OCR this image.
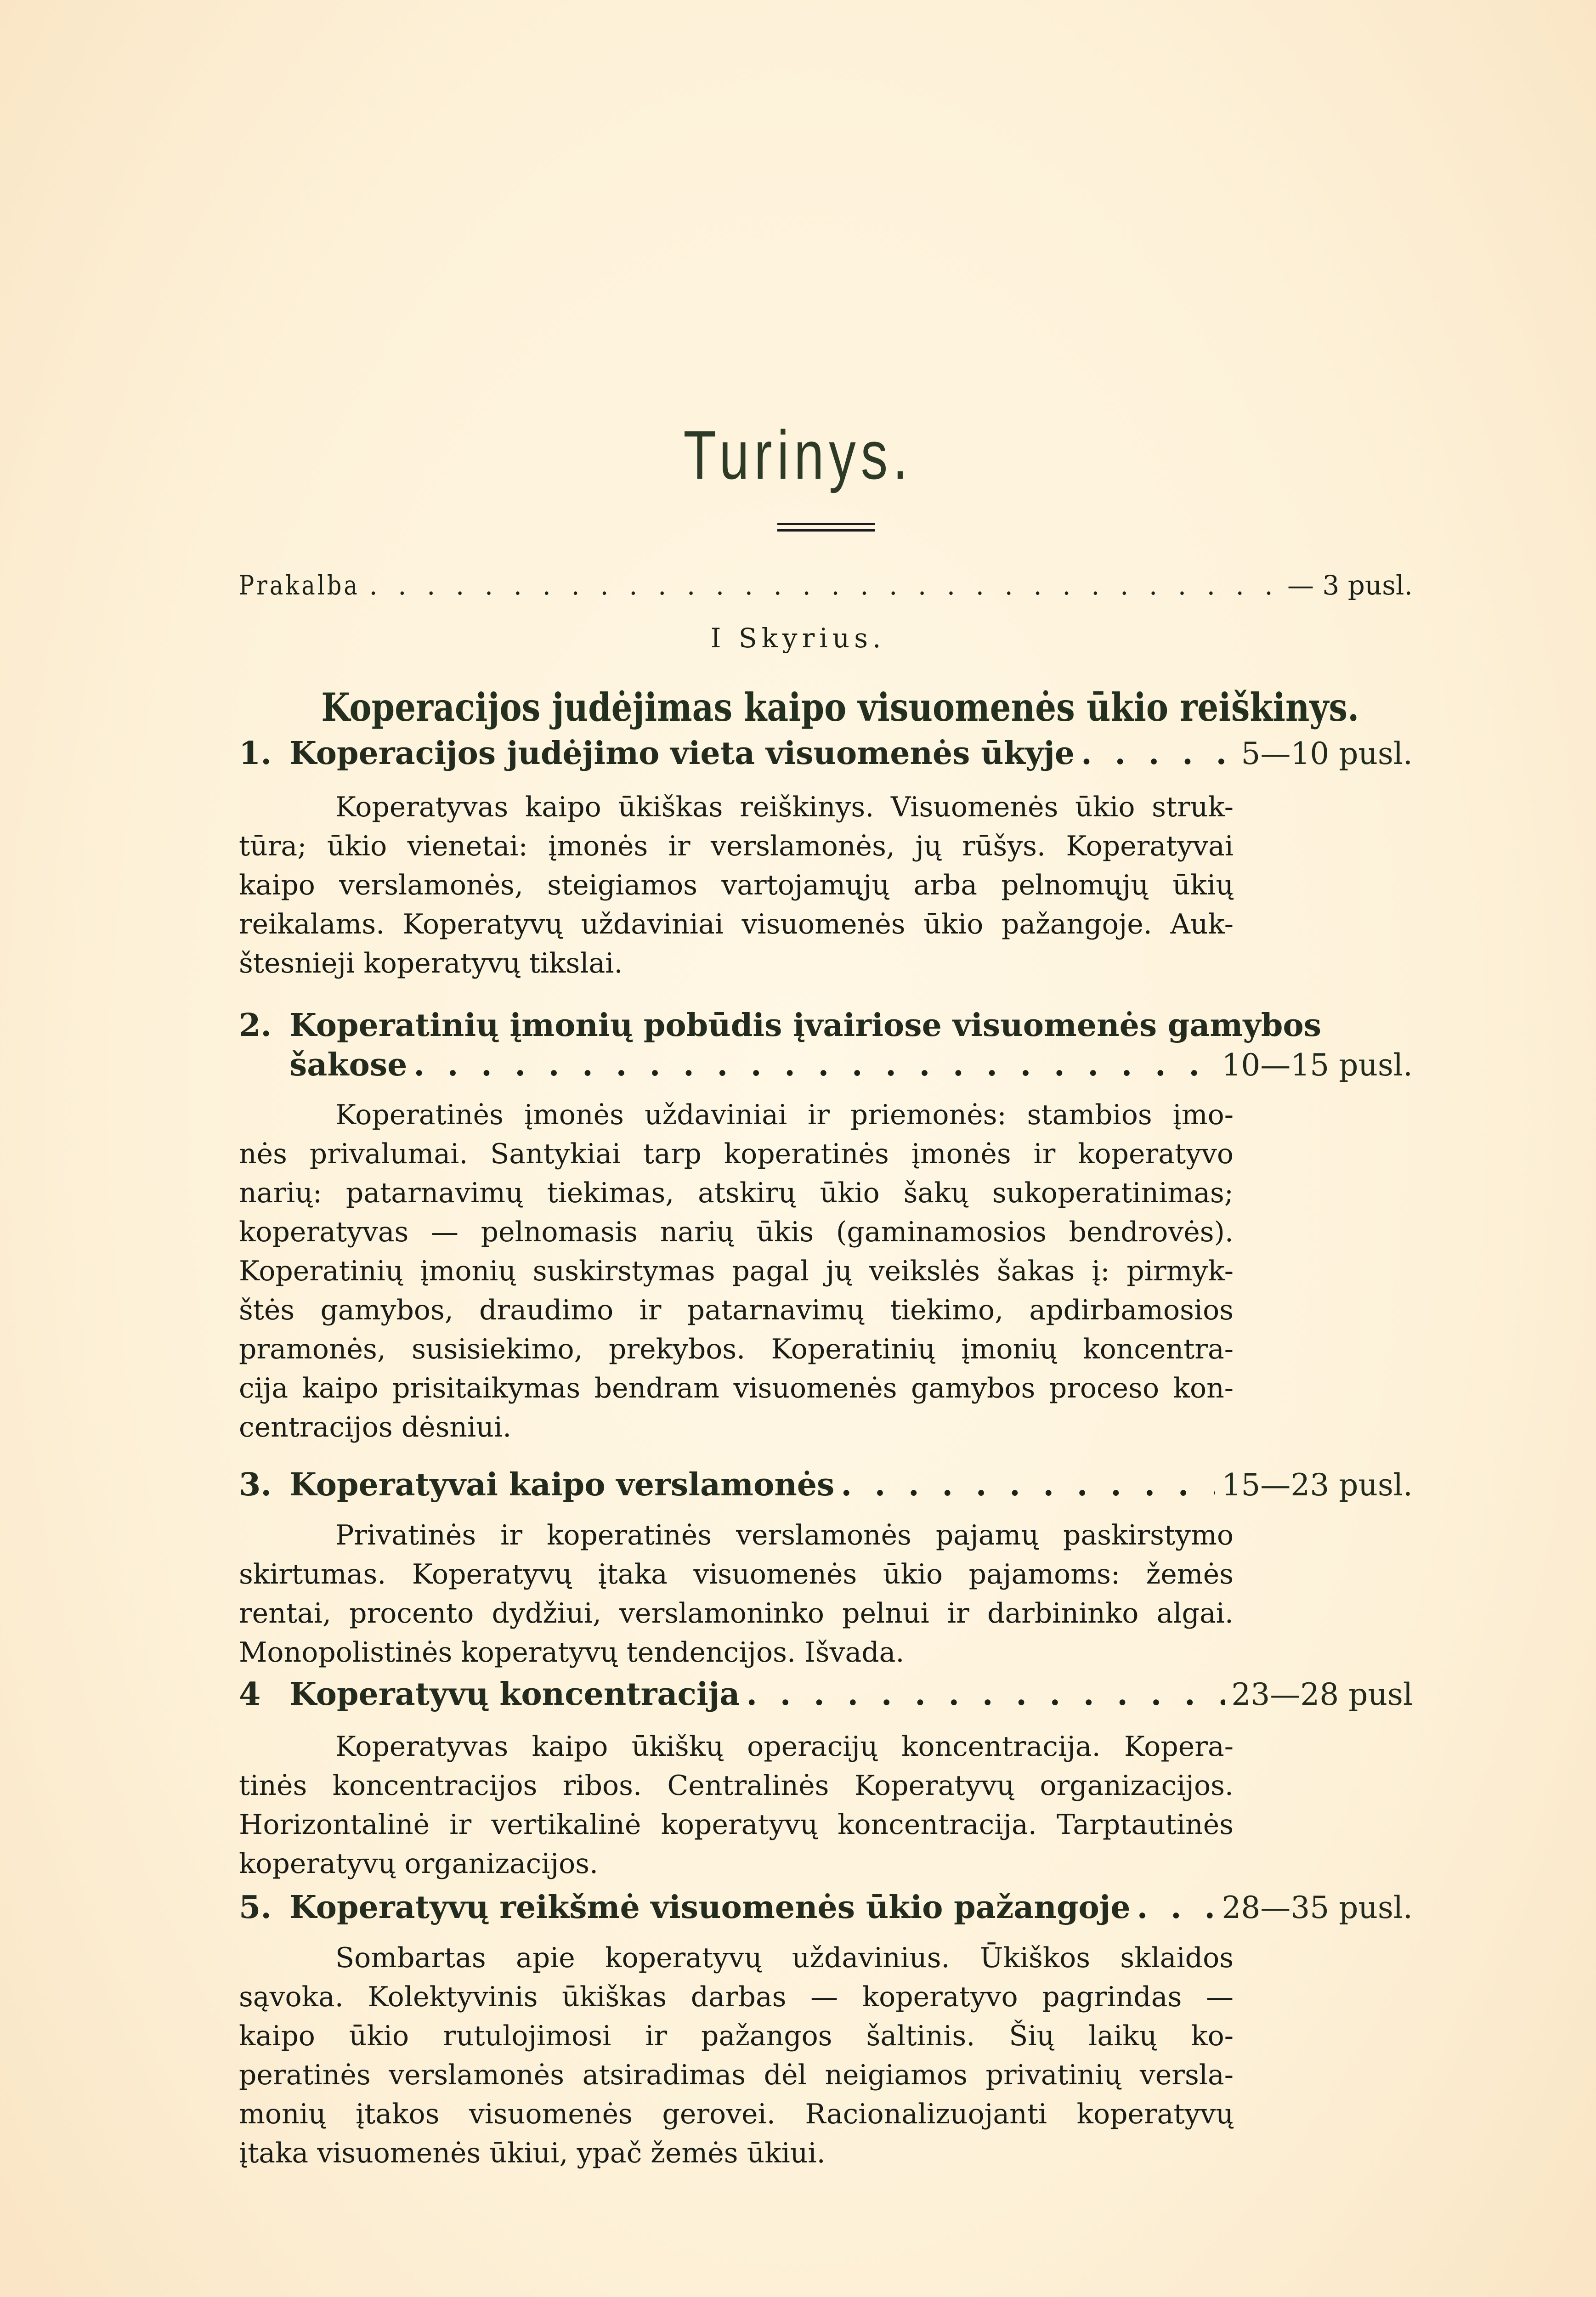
Turinys.
Prakalba . . .	— 3 pusl.
I Skyrius.
Koperacijos judėjimas kaipo visuomenės ūkio reiškinys.
1. Koperacijos judėjimo vieta visuomenės ūkyje . . .	5—10 pusl.
Koperatyvas kaipo ūkiškas reiškinys. Visuomenės ūkio struk-
tūra; ūkio vienetai: įmonės ir verslamonės, jų rūšys. Koperatyvai
kaipo verslamonės, steigiamos vartojamųjų arba pelnomųjų ūkių
reikalams. Koperatyvų uždaviniai visuomenės ūkio pažangoje. Auk-
štesnieji koperatyvų tikslai.
2. Koperatinių įmonių pobūdis įvairiose visuomenės gamybos
šakose . . .	10—15 pusl.
Koperatinės įmonės uždaviniai ir priemonės: stambios įmo-
nės privalumai. Santykiai tarp koperatinės įmonės ir koperatyvo
narių: patarnavimų tiekimas, atskirų ūkio šakų sukoperatinimas;
koperatyvas — pelnomasis narių ūkis (gaminamosios bendrovės).
Koperatinių įmonių suskirstymas pagal jų veikslės šakas į: pirmyk-
štės gamybos, draudimo ir patarnavimų tiekimo, apdirbamosios
pramonės, susisiekimo, prekybos. Koperatinių įmonių koncentra-
cija kaipo prisitaikymas bendram visuomenės gamybos proceso kon-
centracijos dėsniui.
3. Koperatyvai kaipo verslamonės . . .	15—23 pusl.
Privatinės ir koperatinės verslamonės pajamų paskirstymo
skirtumas. Koperatyvų įtaka visuomenės ūkio pajamoms: žemės
rentai, procento dydžiui, verslamoninko pelnui ir darbininko algai.
Monopolistinės koperatyvų tendencijos. Išvada.
4 Koperatyvų koncentracija . . .	23—28 pusl
Koperatyvas kaipo ūkiškų operacijų koncentracija. Kopera-
tinės koncentracijos ribos. Centralinės Koperatyvų organizacijos.
Horizontalinė ir vertikalinė koperatyvų koncentracija. Tarptautinės
koperatyvų organizacijos.
5. Koperatyvų reikšmė visuomenės ūkio pažangoje . . .	28—35 pusl.
Sombartas apie koperatyvų uždavinius. Ūkiškos sklaidos
sąvoka. Kolektyvinis ūkiškas darbas — koperatyvo pagrindas —
kaipo ūkio rutulojimosi ir pažangos šaltinis. Šių laikų ko-
peratinės verslamonės atsiradimas dėl neigiamos privatinių versla-
monių įtakos visuomenės gerovei. Racionalizuojanti koperatyvų
įtaka visuomenės ūkiui, ypač žemės ūkiui.
